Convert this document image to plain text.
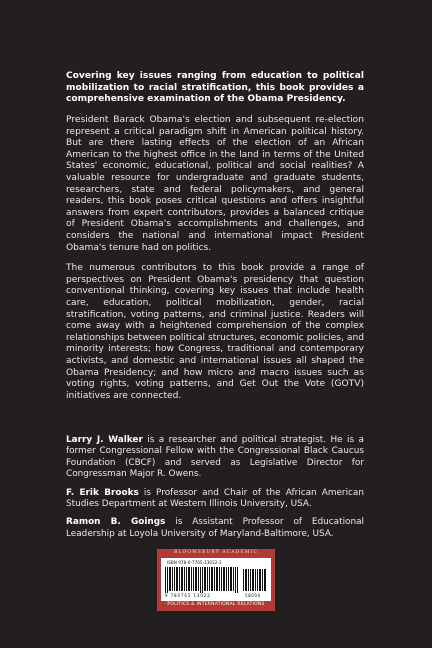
Covering key issues ranging from education to political mobilization to racial stratification, this book provides a comprehensive examination of the Obama Presidency.

President Barack Obama's election and subsequent re-election represent a critical paradigm shift in American political history. But are there lasting effects of the election of an African American to the highest office in the land in terms of the United States' economic, educational, political and social realities? A valuable resource for undergraduate and graduate students, researchers, state and federal policymakers, and general readers, this book poses critical questions and offers insightful answers from expert contributors, provides a balanced critique of President Obama's accomplishments and challenges, and considers the national and international impact President Obama's tenure had on politics.

The numerous contributors to this book provide a range of perspectives on President Obama's presidency that question conventional thinking, covering key issues that include health care, education, political mobilization, gender, racial stratification, voting patterns, and criminal justice. Readers will come away with a heightened comprehension of the complex relationships between political structures, economic policies, and minority interests; how Congress, traditional and contemporary activists, and domestic and international issues all shaped the Obama Presidency; and how micro and macro issues such as voting rights, voting patterns, and Get Out the Vote (GOTV) initiatives are connected.

Larry J. Walker is a researcher and political strategist. He is a former Congressional Fellow with the Congressional Black Caucus Foundation (CBCF) and served as Legislative Director for Congressman Major R. Owens.

F. Erik Brooks is Professor and Chair of the African American Studies Department at Western Illinois University, USA.

Ramon B. Goings is Assistant Professor of Educational Leadership at Loyola University of Maryland-Baltimore, USA.

BLOOMSBURY ACADEMIC
ISBN 978-0-7765-13022-3
9 780765 13022	58000
POLITICS & INTERNATIONAL RELATIONS
